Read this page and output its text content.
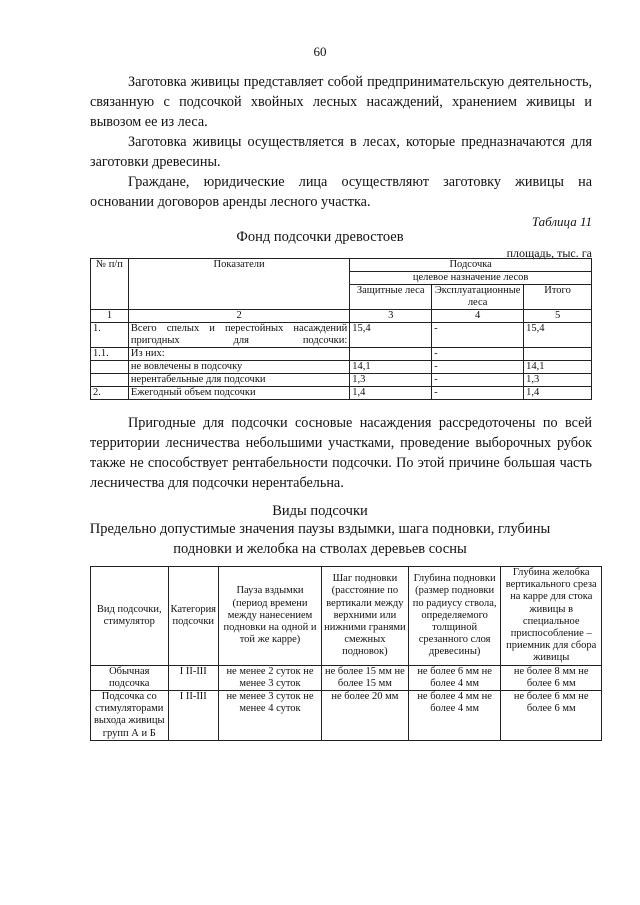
60

Заготовка живицы представляет собой предпринимательскую деятельность, связанную с подсочкой хвойных лесных насаждений, хранением живицы и вывозом ее из леса.

Заготовка живицы осуществляется в лесах, которые предназначаются для заготовки древесины.

Граждане, юридические лица осуществляют заготовку живицы на основании договоров аренды лесного участка.

Таблица 11
Фонд подсочки древостоев
площадь, тыс. га
№ п/п	Показатели	Подсочка		
		целевое назначение лесов		
		Защитные леса	Эксплуатационные леса	Итого
1	2	3	4	5
1.	Всего спелых и перестойных насаждений пригодных для подсочки:	15,4	-	15,4
1.1.	Из них:		-	
	не вовлечены в подсочку	14,1	-	14,1
	нерентабельные для подсочки	1,3	-	1,3
2.	Ежегодный объем подсочки	1,4	-	1,4

Пригодные для подсочки сосновые насаждения рассредоточены по всей территории лесничества небольшими участками, проведение выборочных рубок также не способствует рентабельности подсочки. По этой причине большая часть лесничества для подсочки нерентабельна.

Виды подсочки
Предельно допустимые значения паузы вздымки, шага подновки, глубины
подновки и желобка на стволах деревьев сосны
Вид подсочки, стимулятор	Категория подсочки	Пауза вздымки (период времени между нанесением подновки на одной и той же карре)	Шаг подновки (расстояние по вертикали между верхними или нижними гранями смежных подновок)	Глубина подновки (размер подновки по радиусу ствола, определяемого толщиной срезанного слоя древесины)	Глубина желобка вертикального среза на карре для стока живицы в специальное приспособление – приемник для сбора живицы
Обычная подсочка	I II-III	не менее 2 суток не менее 3 суток	не более 15 мм не более 15 мм	не более 6 мм не более 4 мм	не более 8 мм не более 6 мм
Подсочка со стимуляторами выхода живицы групп А и Б	I II-III	не менее 3 суток не менее 4 суток	не более 20 мм	не более 4 мм не более 4 мм	не более 6 мм не более 6 мм
